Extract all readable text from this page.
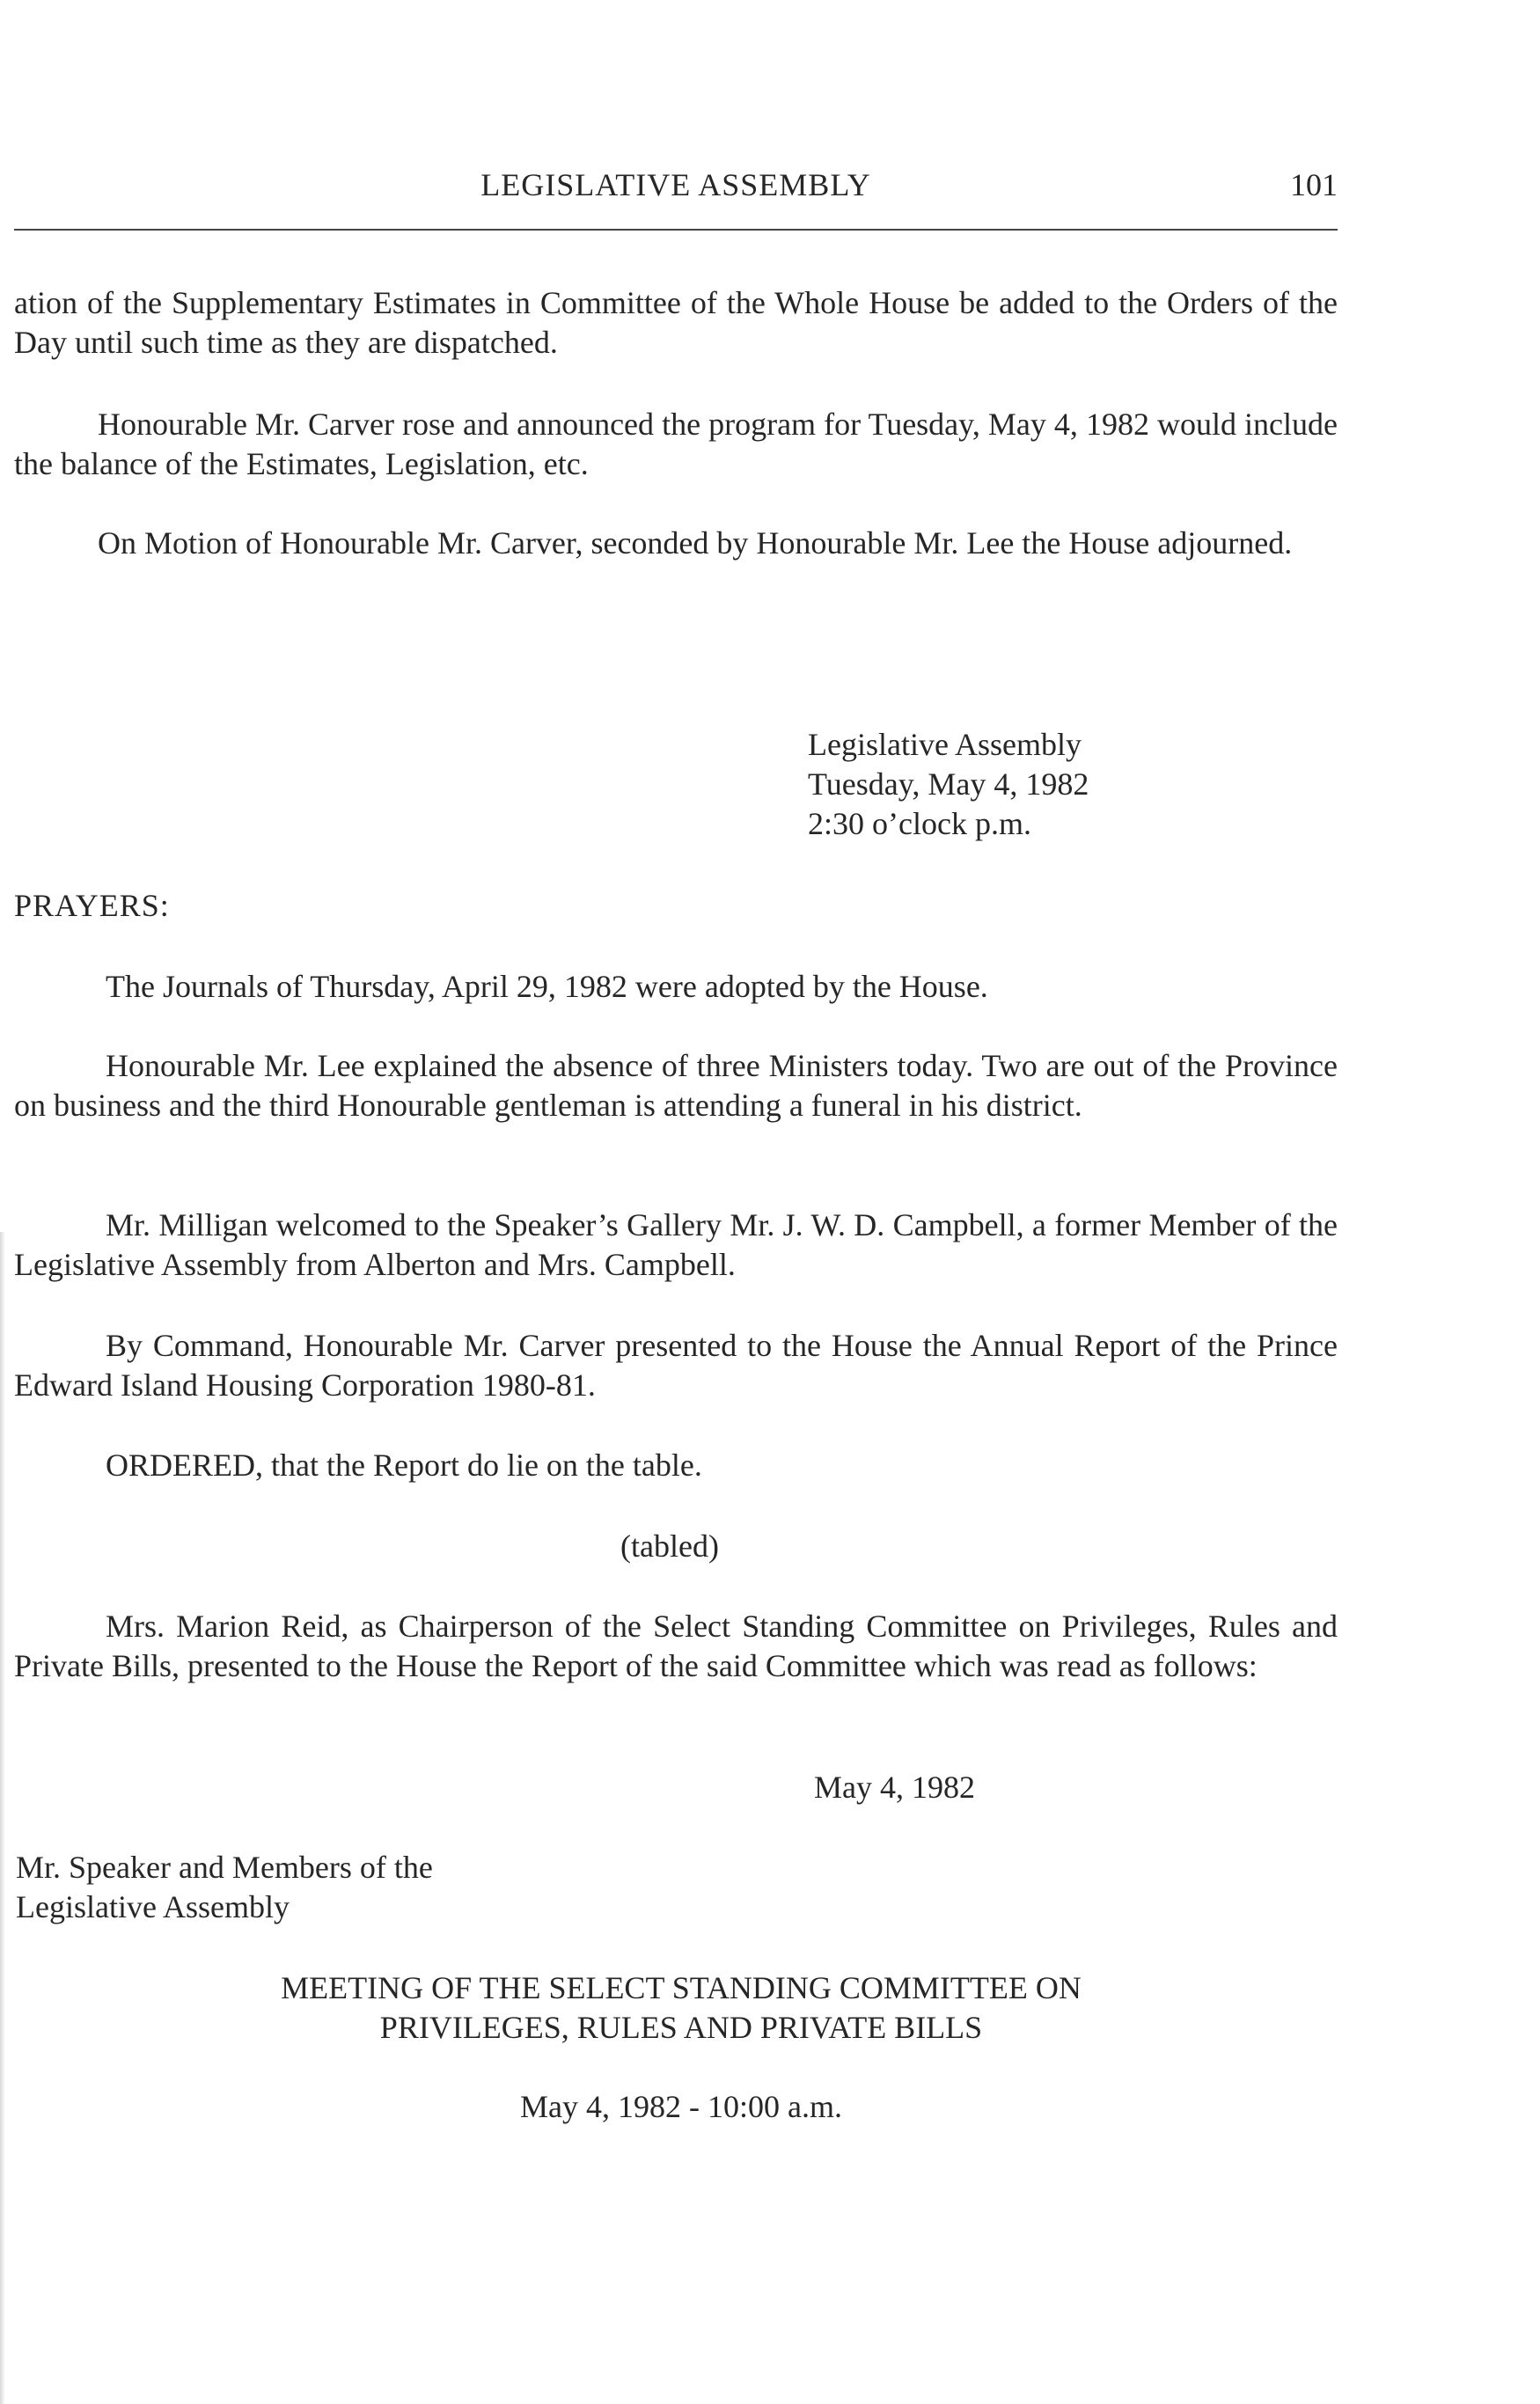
LEGISLATIVE ASSEMBLY	101

ation of the Supplementary Estimates in Committee of the Whole House be added to the Orders of the Day until such time as they are dispatched.

Honourable Mr. Carver rose and announced the program for Tuesday, May 4, 1982 would include the balance of the Estimates, Legislation, etc.

On Motion of Honourable Mr. Carver, seconded by Honourable Mr. Lee the House adjourned.

Legislative Assembly
Tuesday, May 4, 1982
2:30 o’clock p.m.
PRAYERS:

The Journals of Thursday, April 29, 1982 were adopted by the House.

Honourable Mr. Lee explained the absence of three Ministers today. Two are out of the Province on business and the third Honourable gentleman is attending a funeral in his district.

Mr. Milligan welcomed to the Speaker’s Gallery Mr. J. W. D. Campbell, a former Member of the Legislative Assembly from Alberton and Mrs. Campbell.

By Command, Honourable Mr. Carver presented to the House the Annual Report of the Prince Edward Island Housing Corporation 1980-81.

ORDERED, that the Report do lie on the table.

(tabled)

Mrs. Marion Reid, as Chairperson of the Select Standing Committee on Privileges, Rules and Private Bills, presented to the House the Report of the said Committee which was read as follows:

May 4, 1982
Mr. Speaker and Members of the
Legislative Assembly
MEETING OF THE SELECT STANDING COMMITTEE ON
PRIVILEGES, RULES AND PRIVATE BILLS
May 4, 1982 - 10:00 a.m.
